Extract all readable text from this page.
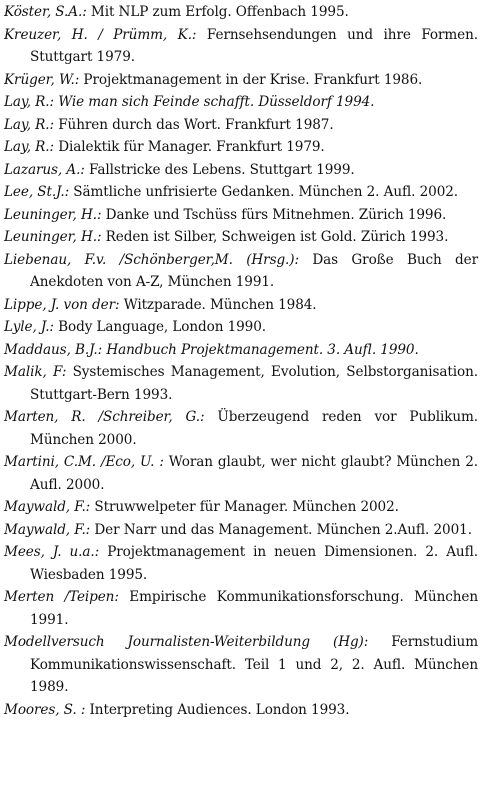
Köster, S.A.: Mit NLP zum Erfolg. Offenbach 1995.

Kreuzer, H. / Prümm, K.: Fernsehsendungen und ihre Formen. Stuttgart 1979.

Krüger, W.: Projektmanagement in der Krise. Frankfurt 1986.

Lay, R.: Wie man sich Feinde schafft. Düsseldorf 1994.

Lay, R.: Führen durch das Wort. Frankfurt 1987.

Lay, R.: Dialektik für Manager. Frankfurt 1979.

Lazarus, A.: Fallstricke des Lebens. Stuttgart 1999.

Lee, St.J.: Sämtliche unfrisierte Gedanken. München 2. Aufl. 2002.

Leuninger, H.: Danke und Tschüss fürs Mitnehmen. Zürich 1996.

Leuninger, H.: Reden ist Silber, Schweigen ist Gold. Zürich 1993.

Liebenau, F.v. /Schönberger,M. (Hrsg.): Das Große Buch der Anekdoten von A-Z, München 1991.

Lippe, J. von der: Witzparade. München 1984.

Lyle, J.: Body Language, London 1990.

Maddaus, B.J.: Handbuch Projektmanagement. 3. Aufl. 1990.

Malik, F: Systemisches Management, Evolution, Selbstorganisation. Stuttgart-Bern 1993.

Marten, R. /Schreiber, G.: Überzeugend reden vor Publikum. München 2000.

Martini, C.M. /Eco, U. : Woran glaubt, wer nicht glaubt? München 2. Aufl. 2000.

Maywald, F.: Struwwelpeter für Manager. München 2002.

Maywald, F.: Der Narr und das Management. München 2.Aufl. 2001.

Mees, J. u.a.: Projektmanagement in neuen Dimensionen. 2. Aufl. Wiesbaden 1995.

Merten /Teipen: Empirische Kommunikationsforschung. München 1991.

Modellversuch Journalisten-Weiterbildung (Hg): Fernstudium Kommunikationswissenschaft. Teil 1 und 2, 2. Aufl. München 1989.

Moores, S. : Interpreting Audiences. London 1993.
